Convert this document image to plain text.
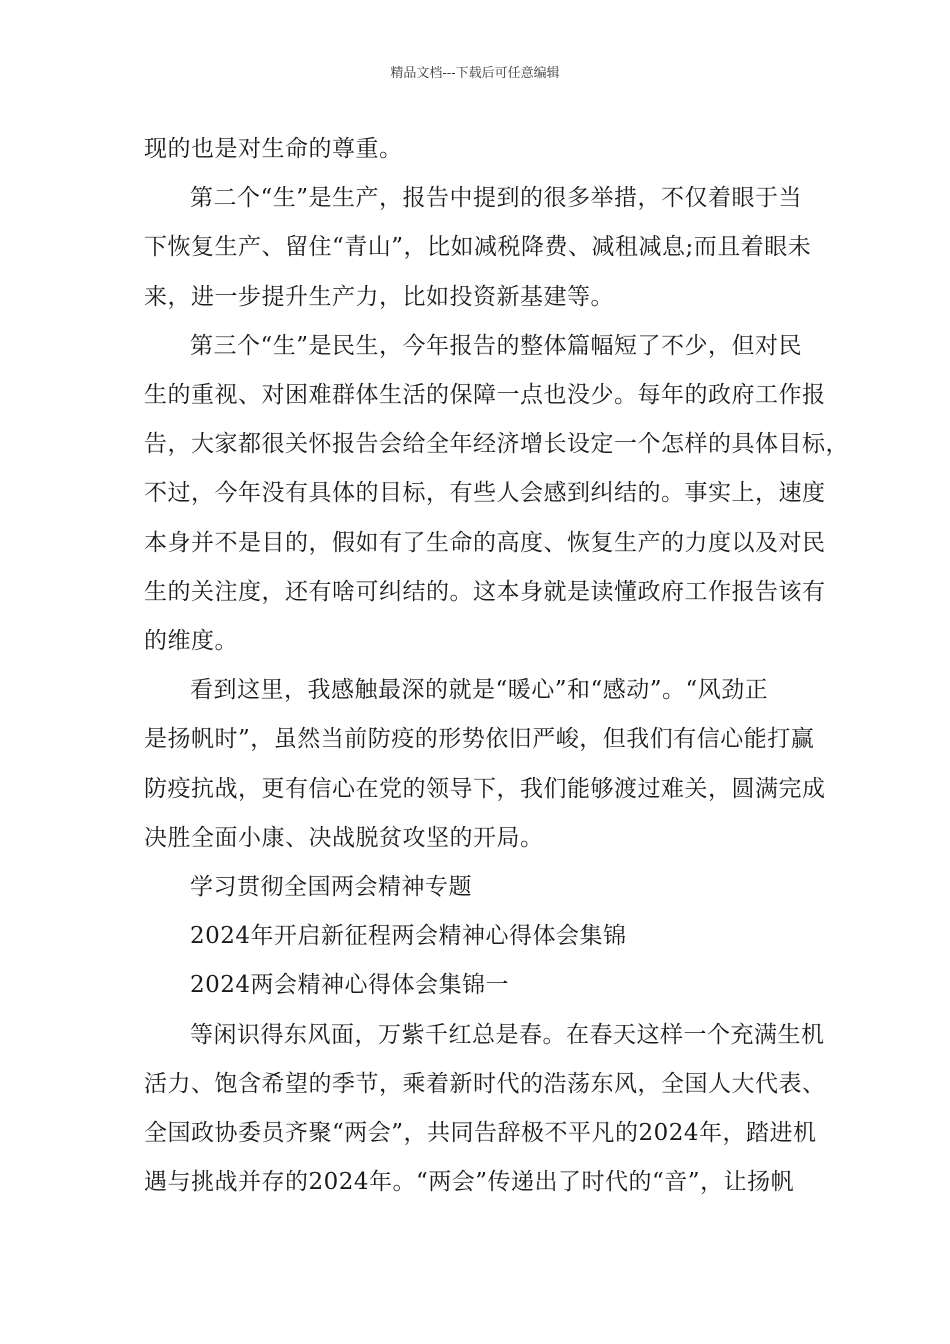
精品文档---下载后可任意编辑
现的也是对生命的尊重。
第二个“生”是生产，报告中提到的很多举措，不仅着眼于当
下恢复生产、留住“青山”，比如减税降费、减租减息;而且着眼未
来，进一步提升生产力，比如投资新基建等。
第三个“生”是民生，今年报告的整体篇幅短了不少，但对民
生的重视、对困难群体生活的保障一点也没少。每年的政府工作报
告，大家都很关怀报告会给全年经济增长设定一个怎样的具体目标，
不过，今年没有具体的目标，有些人会感到纠结的。事实上，速度
本身并不是目的，假如有了生命的高度、恢复生产的力度以及对民
生的关注度，还有啥可纠结的。这本身就是读懂政府工作报告该有
的维度。
看到这里，我感触最深的就是“暖心”和“感动”。“风劲正
是扬帆时”，虽然当前防疫的形势依旧严峻，但我们有信心能打赢
防疫抗战，更有信心在党的领导下，我们能够渡过难关，圆满完成
决胜全面小康、决战脱贫攻坚的开局。
学习贯彻全国两会精神专题
2024年开启新征程两会精神心得体会集锦
2024两会精神心得体会集锦一
等闲识得东风面，万紫千红总是春。在春天这样一个充满生机
活力、饱含希望的季节，乘着新时代的浩荡东风，全国人大代表、
全国政协委员齐聚“两会”，共同告辞极不平凡的2024年，踏进机
遇与挑战并存的2024年。“两会”传递出了时代的“音”，让扬帆
